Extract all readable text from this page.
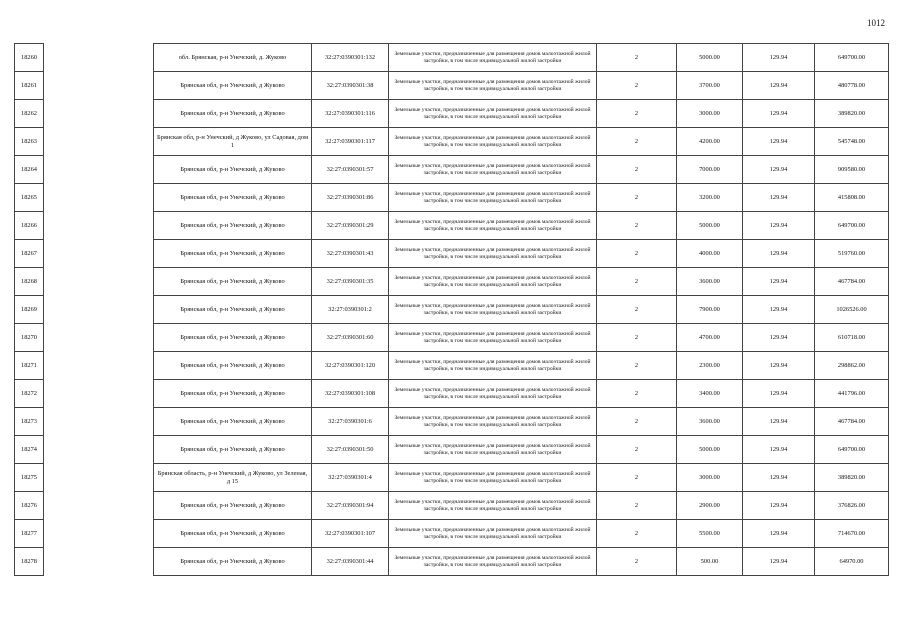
1012
18260		обл. Брянская, р-н Унечский, д. Жуково	32:27:0390301:132	Земельные участки, предназначенные для размещения домов малоэтажной жилой застройки, в том числе индивидуальной жилой застройки	2	5000.00	129.94	649700.00
18261		Брянская обл, р-н Унечский, д Жуково	32:27:0390301:38	Земельные участки, предназначенные для размещения домов малоэтажной жилой застройки, в том числе индивидуальной жилой застройки	2	3700.00	129.94	480778.00
18262		Брянская обл, р-н Унечский, д Жуково	32:27:0390301:116	Земельные участки, предназначенные для размещения домов малоэтажной жилой застройки, в том числе индивидуальной жилой застройки	2	3000.00	129.94	389820.00
18263		Брянская обл, р-н Унечский, д Жуково, ул Садовая, дом 1	32:27:0390301:117	Земельные участки, предназначенные для размещения домов малоэтажной жилой застройки, в том числе индивидуальной жилой застройки	2	4200.00	129.94	545748.00
18264		Брянская обл, р-н Унечский, д Жуково	32:27:0390301:57	Земельные участки, предназначенные для размещения домов малоэтажной жилой застройки, в том числе индивидуальной жилой застройки	2	7000.00	129.94	909580.00
18265		Брянская обл, р-н Унечский, д Жуково	32:27:0390301:86	Земельные участки, предназначенные для размещения домов малоэтажной жилой застройки, в том числе индивидуальной жилой застройки	2	3200.00	129.94	415808.00
18266		Брянская обл, р-н Унечский, д Жуково	32:27:0390301:29	Земельные участки, предназначенные для размещения домов малоэтажной жилой застройки, в том числе индивидуальной жилой застройки	2	5000.00	129.94	649700.00
18267		Брянская обл, р-н Унечский, д Жуково	32:27:0390301:43	Земельные участки, предназначенные для размещения домов малоэтажной жилой застройки, в том числе индивидуальной жилой застройки	2	4000.00	129.94	519760.00
18268		Брянская обл, р-н Унечский, д Жуково	32:27:0390301:35	Земельные участки, предназначенные для размещения домов малоэтажной жилой застройки, в том числе индивидуальной жилой застройки	2	3600.00	129.94	467784.00
18269		Брянская обл, р-н Унечский, д Жуково	32:27:0390301:2	Земельные участки, предназначенные для размещения домов малоэтажной жилой застройки, в том числе индивидуальной жилой застройки	2	7900.00	129.94	1026526.00
18270		Брянская обл, р-н Унечский, д Жуково	32:27:0390301:60	Земельные участки, предназначенные для размещения домов малоэтажной жилой застройки, в том числе индивидуальной жилой застройки	2	4700.00	129.94	610718.00
18271		Брянская обл, р-н Унечский, д Жуково	32:27:0390301:120	Земельные участки, предназначенные для размещения домов малоэтажной жилой застройки, в том числе индивидуальной жилой застройки	2	2300.00	129.94	298862.00
18272		Брянская обл, р-н Унечский, д Жуково	32:27:0390301:108	Земельные участки, предназначенные для размещения домов малоэтажной жилой застройки, в том числе индивидуальной жилой застройки	2	3400.00	129.94	441796.00
18273		Брянская обл, р-н Унечский, д Жуково	32:27:0390301:6	Земельные участки, предназначенные для размещения домов малоэтажной жилой застройки, в том числе индивидуальной жилой застройки	2	3600.00	129.94	467784.00
18274		Брянская обл, р-н Унечский, д Жуково	32:27:0390301:50	Земельные участки, предназначенные для размещения домов малоэтажной жилой застройки, в том числе индивидуальной жилой застройки	2	5000.00	129.94	649700.00
18275		Брянская область, р-н Унечский, д Жуково, ул Зеленая, д 15	32:27:0390301:4	Земельные участки, предназначенные для размещения домов малоэтажной жилой застройки, в том числе индивидуальной жилой застройки	2	3000.00	129.94	389820.00
18276		Брянская обл, р-н Унечский, д Жуково	32:27:0390301:94	Земельные участки, предназначенные для размещения домов малоэтажной жилой застройки, в том числе индивидуальной жилой застройки	2	2900.00	129.94	376826.00
18277		Брянская обл, р-н Унечский, д Жуково	32:27:0390301:107	Земельные участки, предназначенные для размещения домов малоэтажной жилой застройки, в том числе индивидуальной жилой застройки	2	5500.00	129.94	714670.00
18278		Брянская обл, р-н Унечский, д Жуково	32:27:0390301:44	Земельные участки, предназначенные для размещения домов малоэтажной жилой застройки, в том числе индивидуальной жилой застройки	2	500.00	129.94	64970.00
